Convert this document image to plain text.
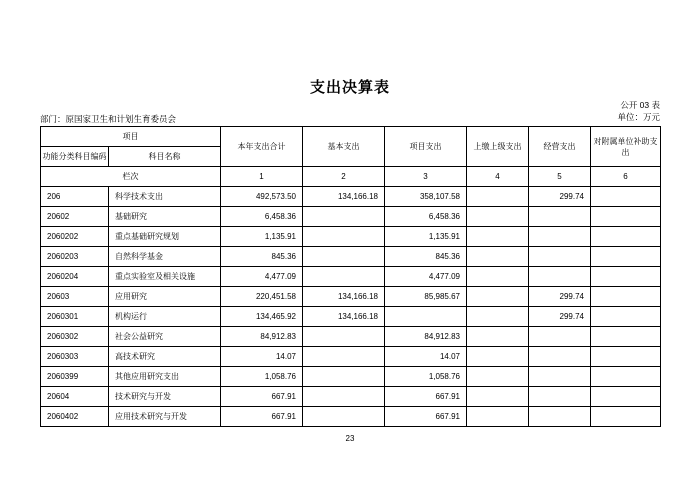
支出决算表
公开 03 表
单位：万元
部门：原国家卫生和计划生育委员会
项目		本年支出合计	基本支出	项目支出	上缴上级支出	经营支出	对附属单位补助支出
功能分类科目编码	科目名称						
栏次		1	2	3	4	5	6
206	科学技术支出	492,573.50	134,166.18	358,107.58		299.74	
20602	基础研究	6,458.36		6,458.36			
2060202	重点基础研究规划	1,135.91		1,135.91			
2060203	自然科学基金	845.36		845.36			
2060204	重点实验室及相关设施	4,477.09		4,477.09			
20603	应用研究	220,451.58	134,166.18	85,985.67		299.74	
2060301	机构运行	134,465.92	134,166.18			299.74	
2060302	社会公益研究	84,912.83		84,912.83			
2060303	高技术研究	14.07		14.07			
2060399	其他应用研究支出	1,058.76		1,058.76			
20604	技术研究与开发	667.91		667.91			
2060402	应用技术研究与开发	667.91		667.91			
23
